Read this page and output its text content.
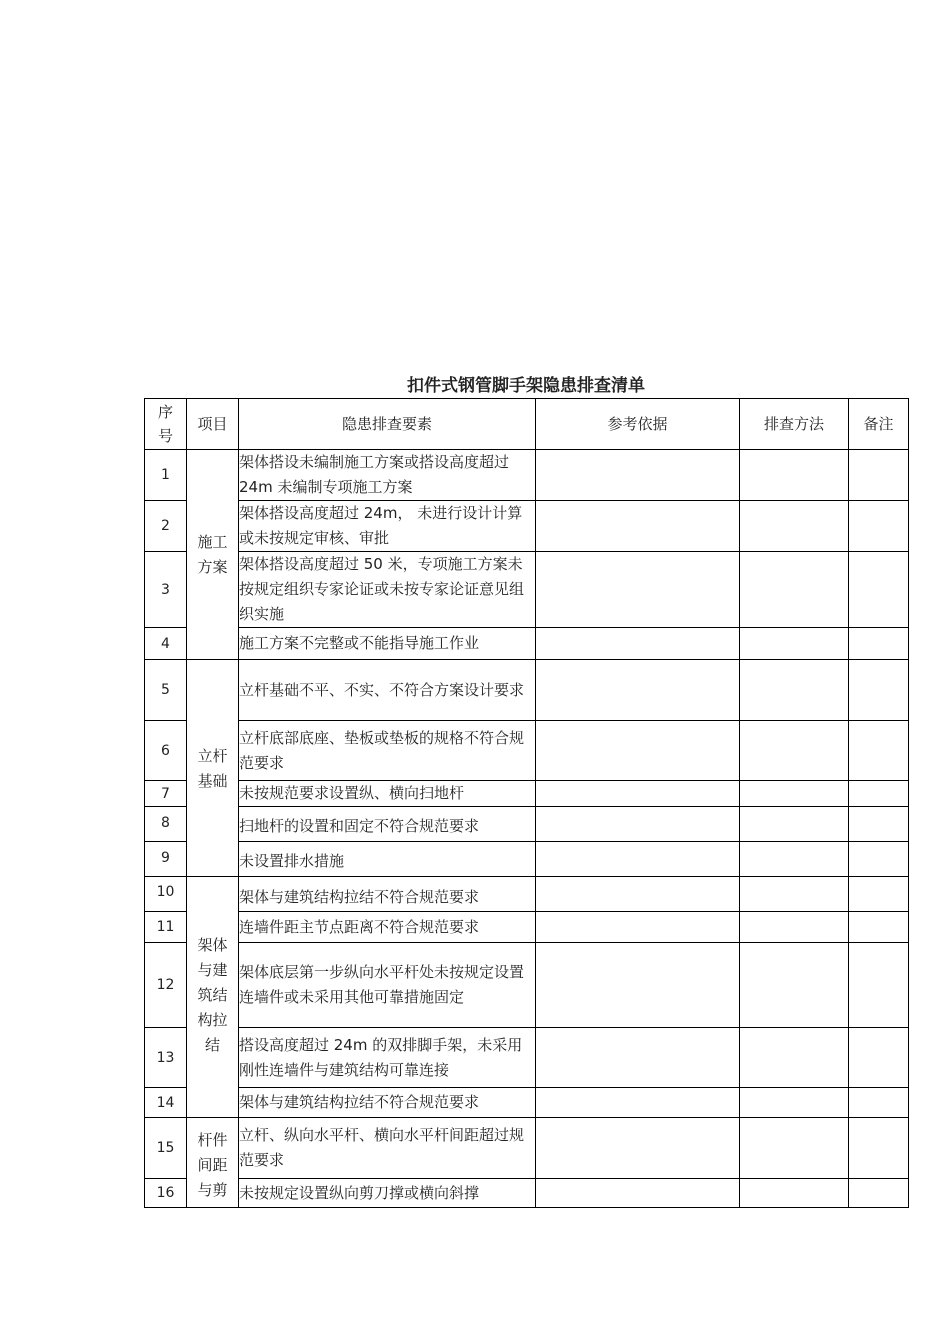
扣件式钢管脚手架隐患排查清单
序号	项目	隐患排查要素	参考依据	排查方法	备注
1	施工方案	架体搭设未编制施工方案或搭设高度超过 24m 未编制专项施工方案			
2		架体搭设高度超过 24m， 未进行设计计算或未按规定审核、审批			
3		架体搭设高度超过 50 米，专项施工方案未按规定组织专家论证或未按专家论证意见组织实施			
4		施工方案不完整或不能指导施工作业			
5	立杆基础	立杆基础不平、不实、不符合方案设计要求			
6		立杆底部底座、垫板或垫板的规格不符合规范要求			
7		未按规范要求设置纵、横向扫地杆			
8		扫地杆的设置和固定不符合规范要求			
9		未设置排水措施			
10	架体与建筑结构拉结	架体与建筑结构拉结不符合规范要求			
11		连墙件距主节点距离不符合规范要求			
12		架体底层第一步纵向水平杆处未按规定设置连墙件或未采用其他可靠措施固定			
13		搭设高度超过 24m 的双排脚手架，未采用刚性连墙件与建筑结构可靠连接			
14		架体与建筑结构拉结不符合规范要求			
15	杆件间距与剪	立杆、纵向水平杆、横向水平杆间距超过规范要求			
16		未按规定设置纵向剪刀撑或横向斜撑			
